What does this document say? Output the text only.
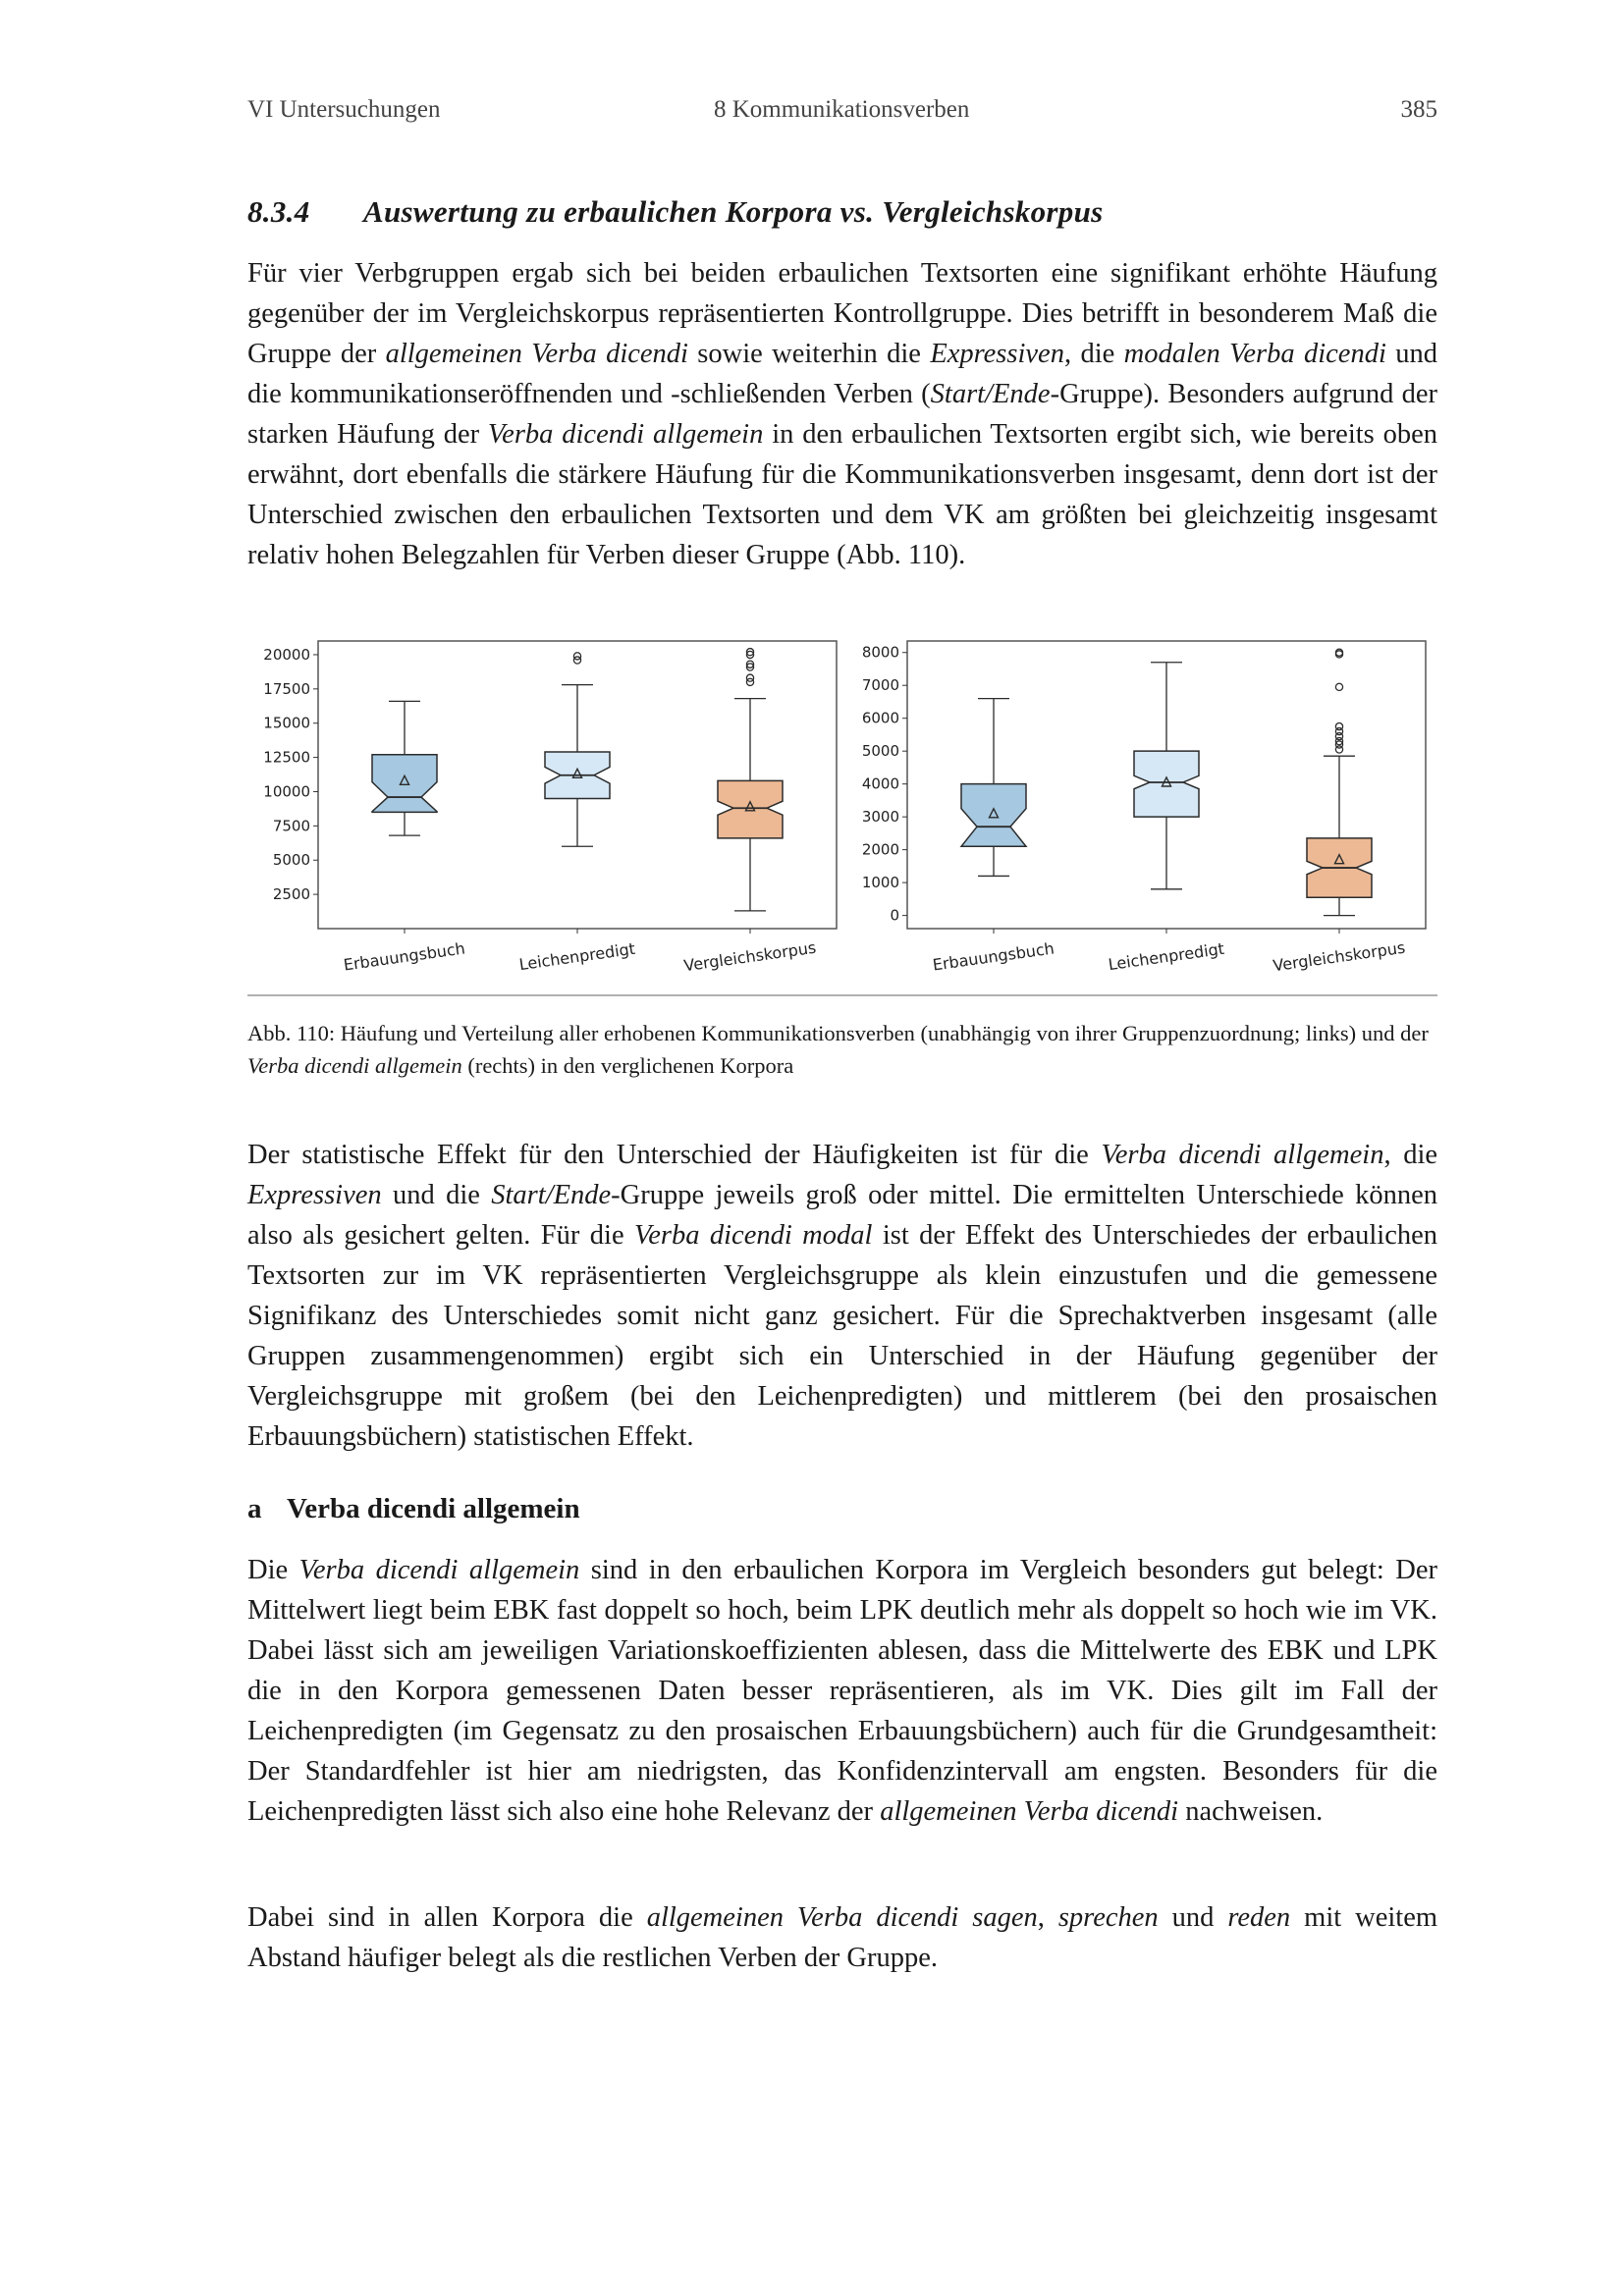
VI Untersuchungen	8 Kommunikationsverben	385
8.3.4 Auswertung zu erbaulichen Korpora vs. Vergleichskorpus
Für vier Verbgruppen ergab sich bei beiden erbaulichen Textsorten eine signifikant erhöhte Häufung gegenüber der im Vergleichskorpus repräsentierten Kontrollgruppe. Dies betrifft in besonderem Maß die Gruppe der allgemeinen Verba dicendi sowie weiterhin die Expressiven, die modalen Verba dicendi und die kommunikationseröffnenden und -schließenden Verben (Start/Ende-Gruppe). Besonders aufgrund der starken Häufung der Verba dicendi allgemein in den erbaulichen Textsorten ergibt sich, wie bereits oben erwähnt, dort ebenfalls die stärkere Häufung für die Kommunikationsverben insgesamt, denn dort ist der Unterschied zwischen den erbaulichen Textsorten und dem VK am größten bei gleichzeitig insgesamt relativ hohen Belegzahlen für Verben dieser Gruppe (Abb. 110).
2500
5000
7500
10000
12500
15000
17500
20000
Erbauungsbuch	Leichenpredigt	Vergleichskorpus
0
1000
2000
3000
4000
5000
6000
7000
8000
Erbauungsbuch	Leichenpredigt	Vergleichskorpus
Abb. 110: Häufung und Verteilung aller erhobenen Kommunikationsverben (unabhängig von ihrer Gruppenzuordnung; links) und der Verba dicendi allgemein (rechts) in den verglichenen Korpora
Der statistische Effekt für den Unterschied der Häufigkeiten ist für die Verba dicendi allgemein, die Expressiven und die Start/Ende-Gruppe jeweils groß oder mittel. Die ermittelten Unterschiede können also als gesichert gelten. Für die Verba dicendi modal ist der Effekt des Unterschiedes der erbaulichen Textsorten zur im VK repräsentierten Vergleichsgruppe als klein einzustufen und die gemessene Signifikanz des Unterschiedes somit nicht ganz gesichert. Für die Sprechaktverben insgesamt (alle Gruppen zusammengenommen) ergibt sich ein Unterschied in der Häufung gegenüber der Vergleichsgruppe mit großem (bei den Leichenpredigten) und mittlerem (bei den prosaischen Erbauungsbüchern) statistischen Effekt.
a Verba dicendi allgemein
Die Verba dicendi allgemein sind in den erbaulichen Korpora im Vergleich besonders gut belegt: Der Mittelwert liegt beim EBK fast doppelt so hoch, beim LPK deutlich mehr als doppelt so hoch wie im VK. Dabei lässt sich am jeweiligen Variationskoeffizienten ablesen, dass die Mittelwerte des EBK und LPK die in den Korpora gemessenen Daten besser repräsentieren, als im VK. Dies gilt im Fall der Leichenpredigten (im Gegensatz zu den prosaischen Erbauungsbüchern) auch für die Grundgesamtheit: Der Standardfehler ist hier am niedrigsten, das Konfidenzintervall am engsten. Besonders für die Leichenpredigten lässt sich also eine hohe Relevanz der allgemeinen Verba dicendi nachweisen.
Dabei sind in allen Korpora die allgemeinen Verba dicendi sagen, sprechen und reden mit weitem Abstand häufiger belegt als die restlichen Verben der Gruppe.
